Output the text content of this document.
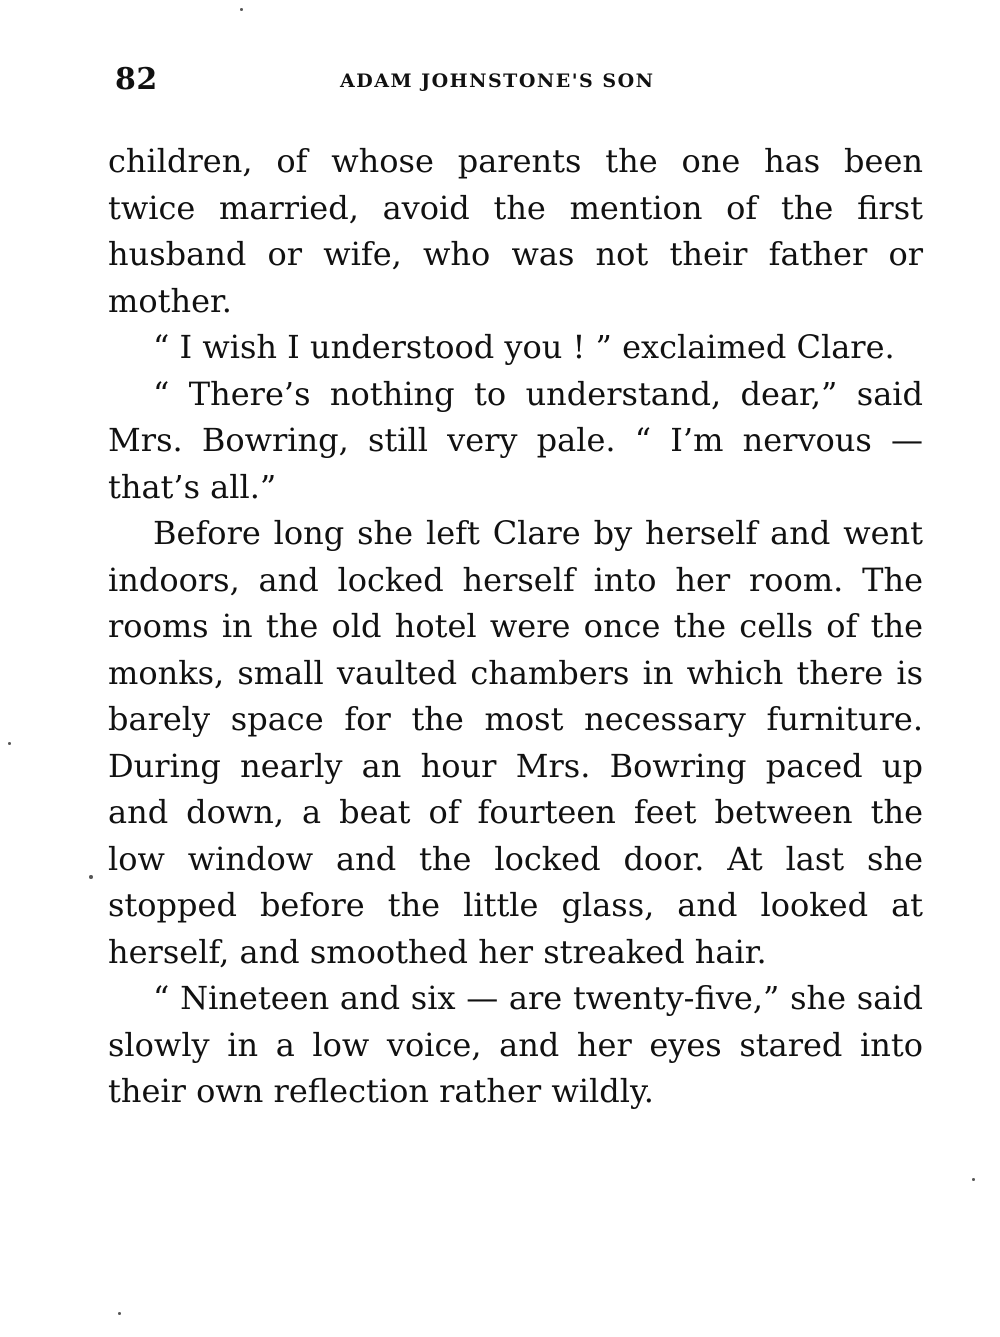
82	ADAM JOHNSTONE'S SON

children, of whose parents the one has been twice married, avoid the mention of the first husband or wife, who was not their father or mother.

“ I wish I understood you ! ” exclaimed Clare.

“ There’s nothing to understand, dear,” said Mrs. Bowring, still very pale. “ I’m nervous — that’s all.”

Before long she left Clare by herself and went indoors, and locked herself into her room. The rooms in the old hotel were once the cells of the monks, small vaulted chambers in which there is barely space for the most necessary furniture. During nearly an hour Mrs. Bowring paced up and down, a beat of fourteen feet between the low window and the locked door. At last she stopped before the little glass, and looked at herself, and smoothed her streaked hair.

“ Nineteen and six — are twenty-five,” she said slowly in a low voice, and her eyes stared into their own reflection rather wildly.
